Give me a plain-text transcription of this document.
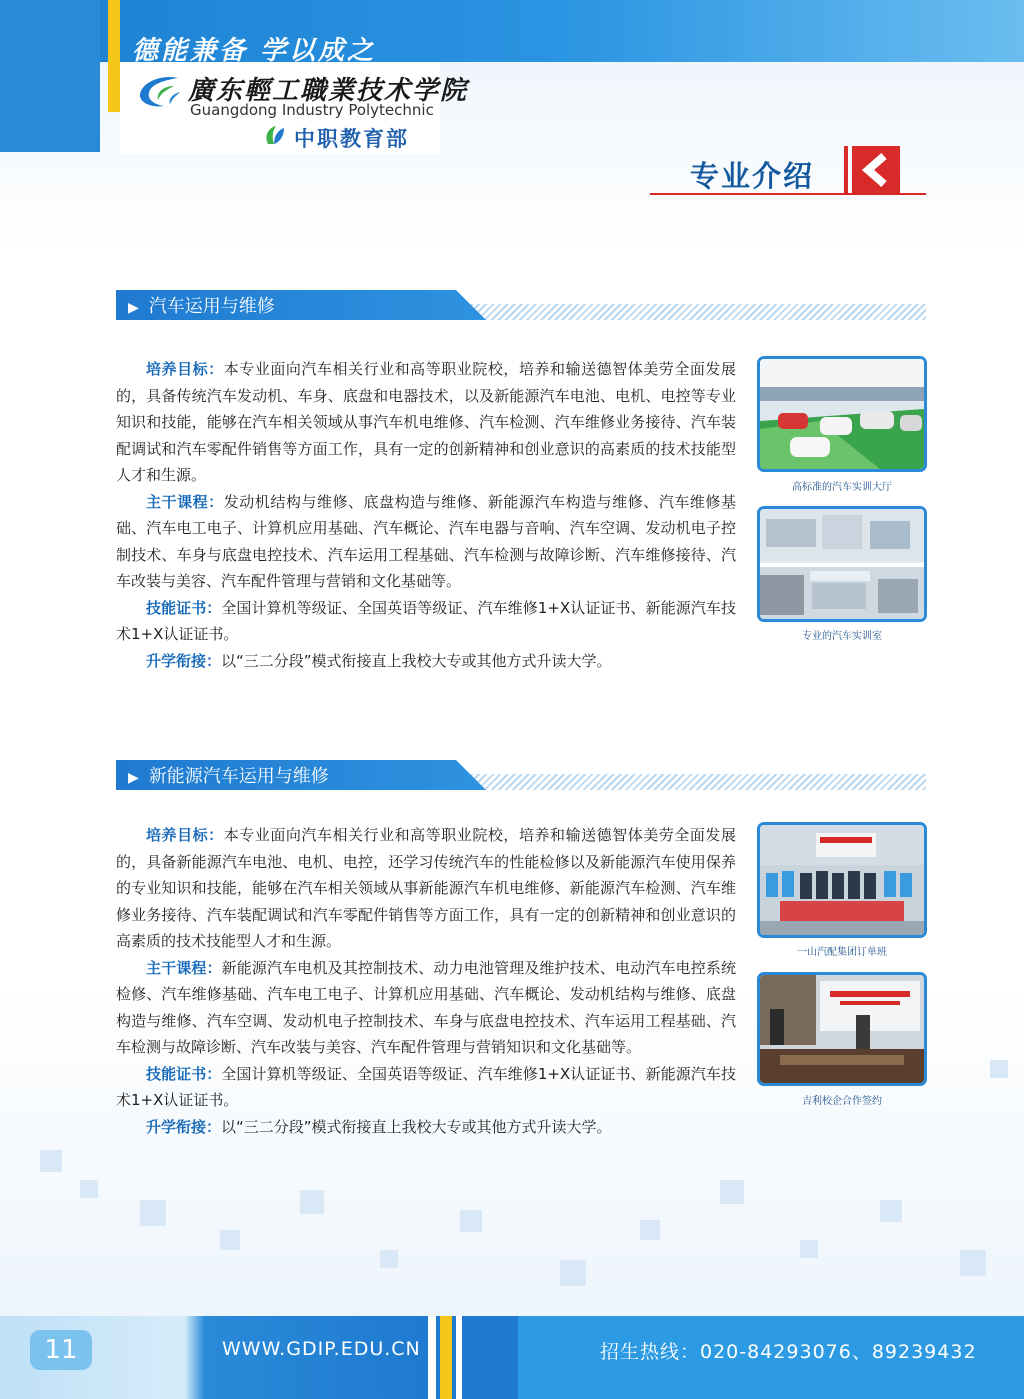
德能兼备 学以成之
廣东輕工職業技术学院
Guangdong Industry Polytechnic
中职教育部
专业介绍
▶ 汽车运用与维修

培养目标：本专业面向汽车相关行业和高等职业院校，培养和输送德智体美劳全面发展的，具备传统汽车发动机、车身、底盘和电器技术，以及新能源汽车电池、电机、电控等专业知识和技能，能够在汽车相关领域从事汽车机电维修、汽车检测、汽车维修业务接待、汽车装配调试和汽车零配件销售等方面工作，具有一定的创新精神和创业意识的高素质的技术技能型人才和生源。

主干课程：发动机结构与维修、底盘构造与维修、新能源汽车构造与维修、汽车维修基础、汽车电工电子、计算机应用基础、汽车概论、汽车电器与音响、汽车空调、发动机电子控制技术、车身与底盘电控技术、汽车运用工程基础、汽车检测与故障诊断、汽车维修接待、汽车改装与美容、汽车配件管理与营销和文化基础等。

技能证书：全国计算机等级证、全国英语等级证、汽车维修1+X认证证书、新能源汽车技术1+X认证证书。

升学衔接：以“三二分段”模式衔接直上我校大专或其他方式升读大学。

高标准的汽车实训大厅
专业的汽车实训室
▶ 新能源汽车运用与维修

培养目标：本专业面向汽车相关行业和高等职业院校，培养和输送德智体美劳全面发展的，具备新能源汽车电池、电机、电控，还学习传统汽车的性能检修以及新能源汽车使用保养的专业知识和技能，能够在汽车相关领域从事新能源汽车机电维修、新能源汽车检测、汽车维修业务接待、汽车装配调试和汽车零配件销售等方面工作，具有一定的创新精神和创业意识的高素质的技术技能型人才和生源。

主干课程：新能源汽车电机及其控制技术、动力电池管理及维护技术、电动汽车电控系统检修、汽车维修基础、汽车电工电子、计算机应用基础、汽车概论、发动机结构与维修、底盘构造与维修、汽车空调、发动机电子控制技术、车身与底盘电控技术、汽车运用工程基础、汽车检测与故障诊断、汽车改装与美容、汽车配件管理与营销知识和文化基础等。

技能证书：全国计算机等级证、全国英语等级证、汽车维修1+X认证证书、新能源汽车技术1+X认证证书。

升学衔接：以“三二分段”模式衔接直上我校大专或其他方式升读大学。

一山汽配集团订单班
吉利校企合作签约
11	WWW.GDIP.EDU.CN	招生热线：020-84293076、89239432
